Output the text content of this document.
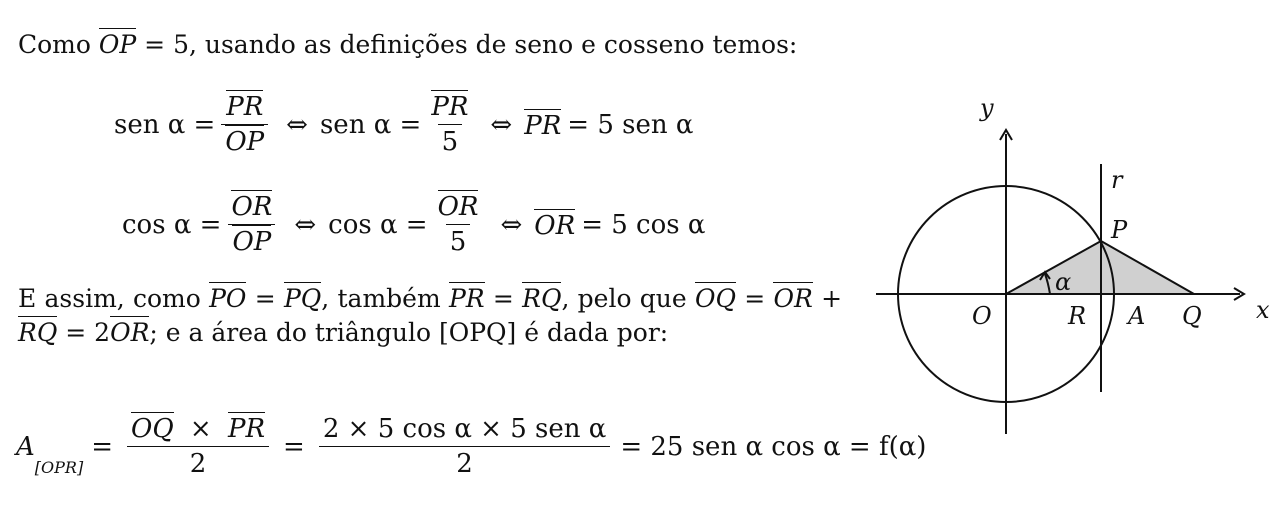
Como OP = 5, usando as definições de seno e cosseno temos:
sen $\alpha = \frac{PR}{OP}$ ⇔ sen $\alpha = \frac{PR}{5}$ ⇔ PR = 5 sen α
$\cos \alpha = \frac{OR}{OP}$ ⇔ $\cos \alpha = \frac{OR}{5}$ ⇔ OR = 5 cos α
E assim, como PO = PQ, também PR = RQ, pelo que OQ = OR + RQ = 2OR; e a área do triângulo [OPQ] é dada por:
A
$_{[OPR]}$
= $\frac{OQ \times PR}{2} = \frac{\text{2 × 5 cos α × 5 sen α}}{2} = 25$ sen α cos α = f(α)
y
x
r
P
O	R A Q
α
